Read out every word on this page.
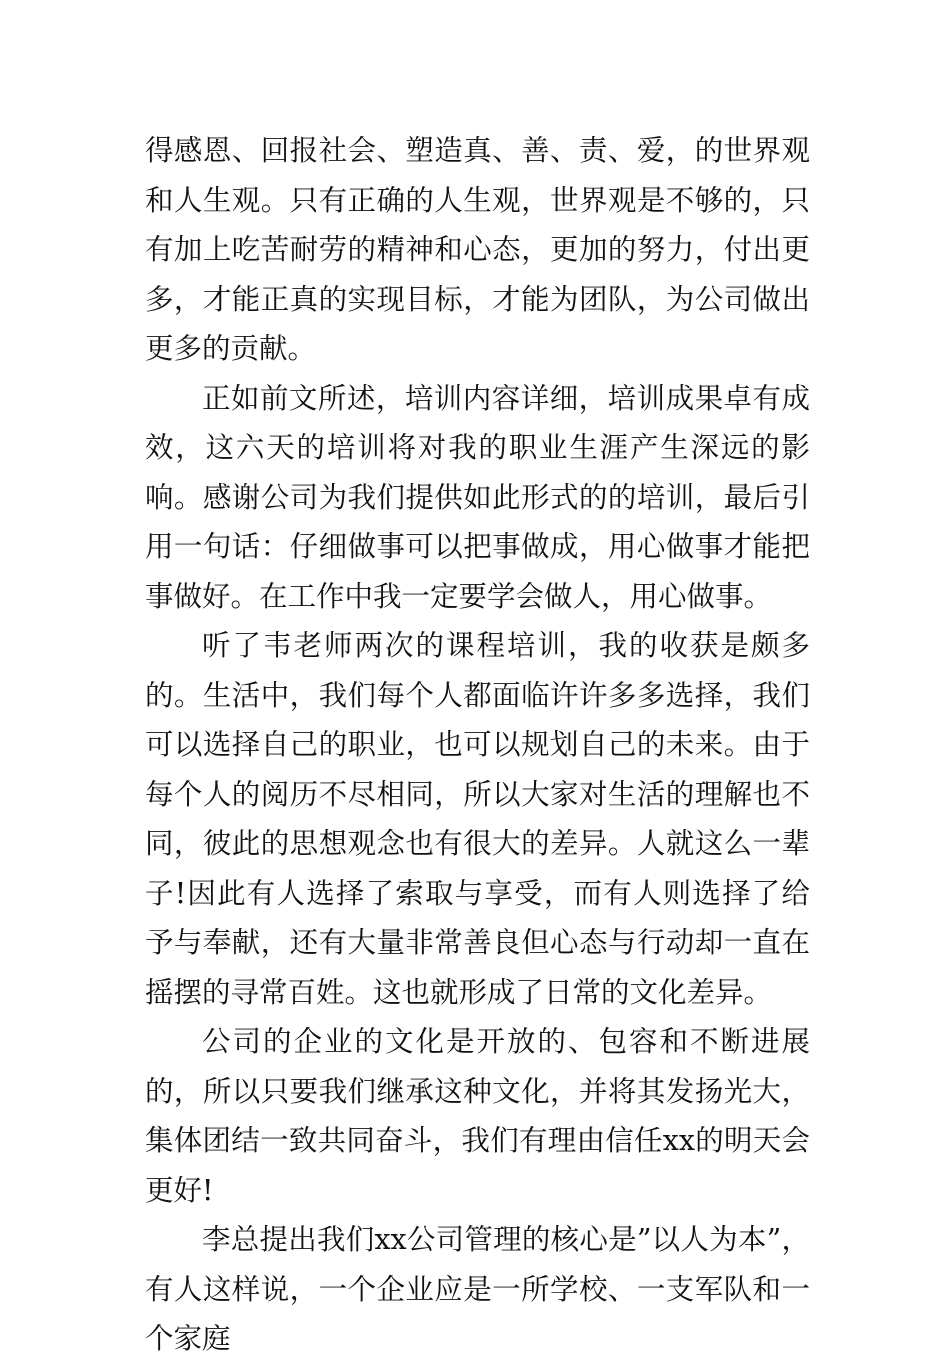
得感恩、回报社会、塑造真、善、责、爱，的世界观和人生观。只有正确的人生观，世界观是不够的，只有加上吃苦耐劳的精神和心态，更加的努力，付出更多，才能正真的实现目标，才能为团队，为公司做出更多的贡献。

正如前文所述，培训内容详细，培训成果卓有成效，这六天的培训将对我的职业生涯产生深远的影响。感谢公司为我们提供如此形式的的培训，最后引用一句话：仔细做事可以把事做成，用心做事才能把事做好。在工作中我一定要学会做人，用心做事。

听了韦老师两次的课程培训，我的收获是颇多的。生活中，我们每个人都面临许许多多选择，我们可以选择自己的职业，也可以规划自己的未来。由于每个人的阅历不尽相同，所以大家对生活的理解也不同，彼此的思想观念也有很大的差异。人就这么一辈子!因此有人选择了索取与享受，而有人则选择了给予与奉献，还有大量非常善良但心态与行动却一直在摇摆的寻常百姓。这也就形成了日常的文化差异。

公司的企业的文化是开放的、包容和不断进展的，所以只要我们继承这种文化，并将其发扬光大，集体团结一致共同奋斗，我们有理由信任xx的明天会更好!

李总提出我们xx公司管理的核心是”以人为本”，有人这样说，一个企业应是一所学校、一支军队和一个家庭
